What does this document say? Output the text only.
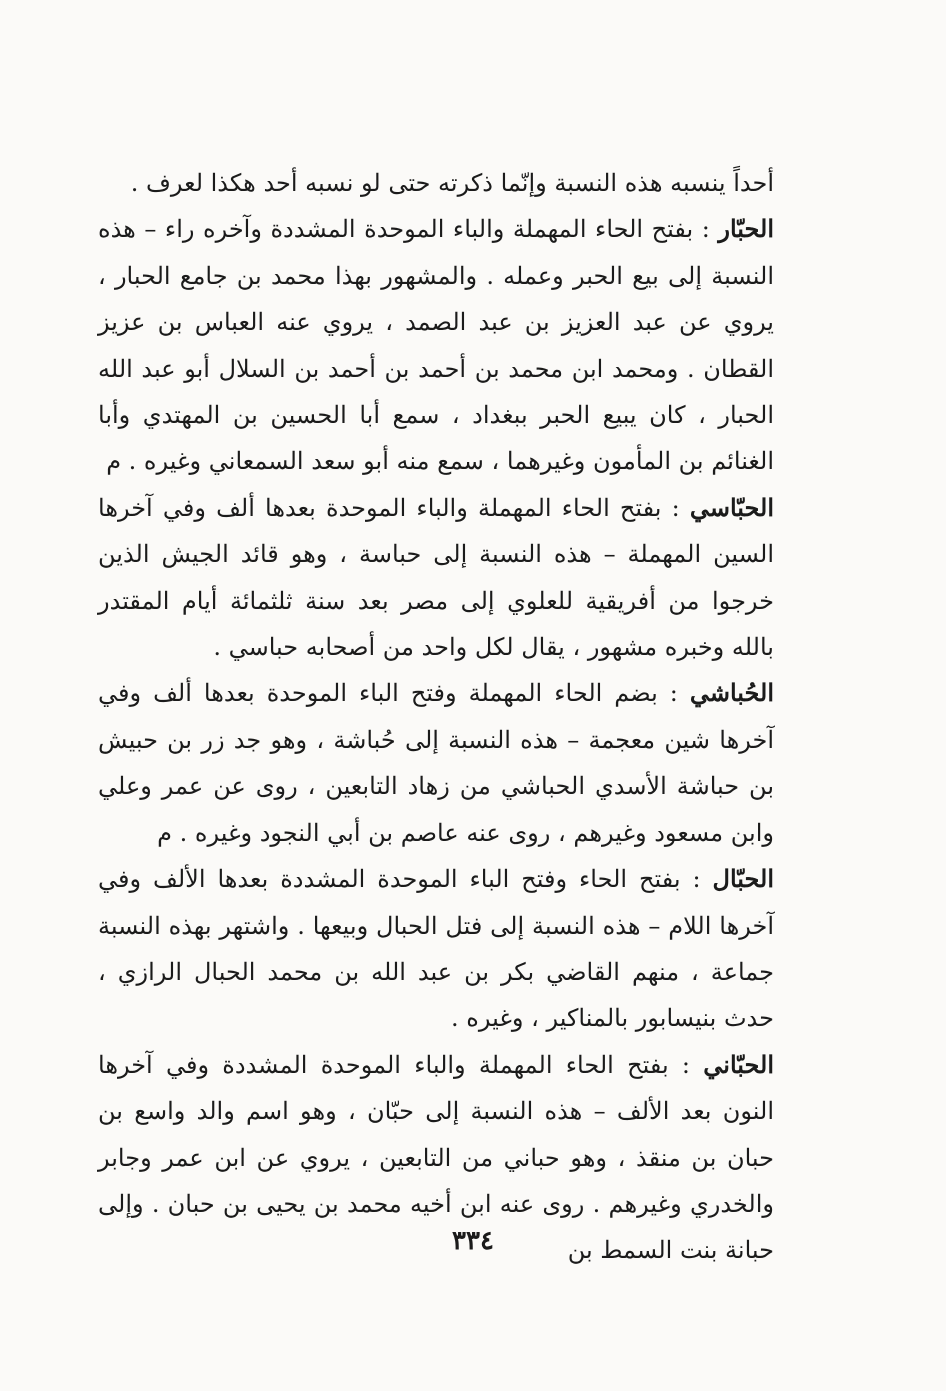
أحداً ينسبه هذه النسبة وإنّما ذكرته حتى لو نسبه أحد هكذا لعرف .

الحبّار : بفتح الحاء المهملة والباء الموحدة المشددة وآخره راء – هذه النسبة إلى بيع الحبر وعمله . والمشهور بهذا محمد بن جامع الحبار ، يروي عن عبد العزيز بن عبد الصمد ، يروي عنه العباس بن عزيز القطان . ومحمد ابن محمد بن أحمد بن أحمد بن السلال أبو عبد الله الحبار ، كان يبيع الحبر ببغداد ، سمع أبا الحسين بن المهتدي وأبا الغنائم بن المأمون وغيرهما ، سمع منه أبو سعد السمعاني وغيره . م

الحبّاسي : بفتح الحاء المهملة والباء الموحدة بعدها ألف وفي آخرها السين المهملة – هذه النسبة إلى حباسة ، وهو قائد الجيش الذين خرجوا من أفريقية للعلوي إلى مصر بعد سنة ثلثمائة أيام المقتدر بالله وخبره مشهور ، يقال لكل واحد من أصحابه حباسي .

الحُباشي : بضم الحاء المهملة وفتح الباء الموحدة بعدها ألف وفي آخرها شين معجمة – هذه النسبة إلى حُباشة ، وهو جد زر بن حبيش بن حباشة الأسدي الحباشي من زهاد التابعين ، روى عن عمر وعلي وابن مسعود وغيرهم ، روى عنه عاصم بن أبي النجود وغيره . م

الحبّال : بفتح الحاء وفتح الباء الموحدة المشددة بعدها الألف وفي آخرها اللام – هذه النسبة إلى فتل الحبال وبيعها . واشتهر بهذه النسبة جماعة ، منهم القاضي بكر بن عبد الله بن محمد الحبال الرازي ، حدث بنيسابور بالمناكير ، وغيره .

الحبّاني : بفتح الحاء المهملة والباء الموحدة المشددة وفي آخرها النون بعد الألف – هذه النسبة إلى حبّان ، وهو اسم والد واسع بن حبان بن منقذ ، وهو حباني من التابعين ، يروي عن ابن عمر وجابر والخدري وغيرهم . روى عنه ابن أخيه محمد بن يحيى بن حبان . وإلى حبانة بنت السمط بن

٣٣٤
